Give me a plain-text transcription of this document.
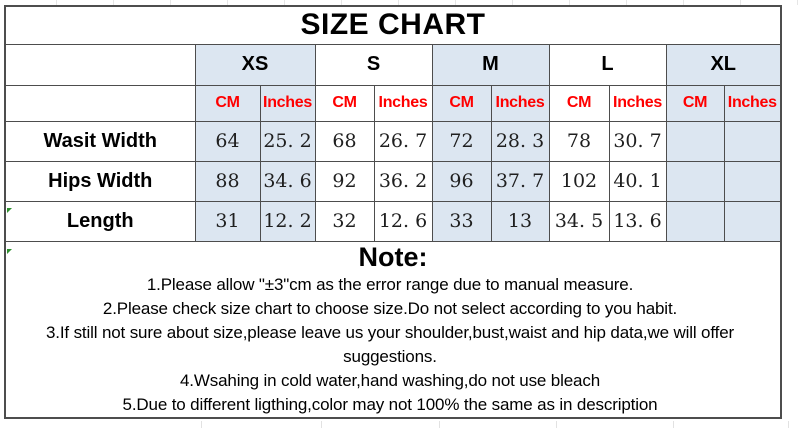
SIZE CHART										
	XS		S		M		L		XL	
	CM	Inches	CM	Inches	CM	Inches	CM	Inches	CM	Inches
Wasit Width	64	25. 2	68	26. 7	72	28. 3	78	30. 7		
Hips Width	88	34. 6	92	36. 2	96	37. 7	102	40. 1		
Length	31	12. 2	32	12. 6	33	13	34. 5	13. 6		

Note:
1.Please allow "±3"cm as the error range due to manual measure.
2.Please check size chart to choose size.Do not select according to you habit.
3.If still not sure about size,please leave us your shoulder,bust,waist and hip data,we will offer suggestions.
4.Wsahing in cold water,hand washing,do not use bleach
5.Due to different ligthing,color may not 100% the same as in description
